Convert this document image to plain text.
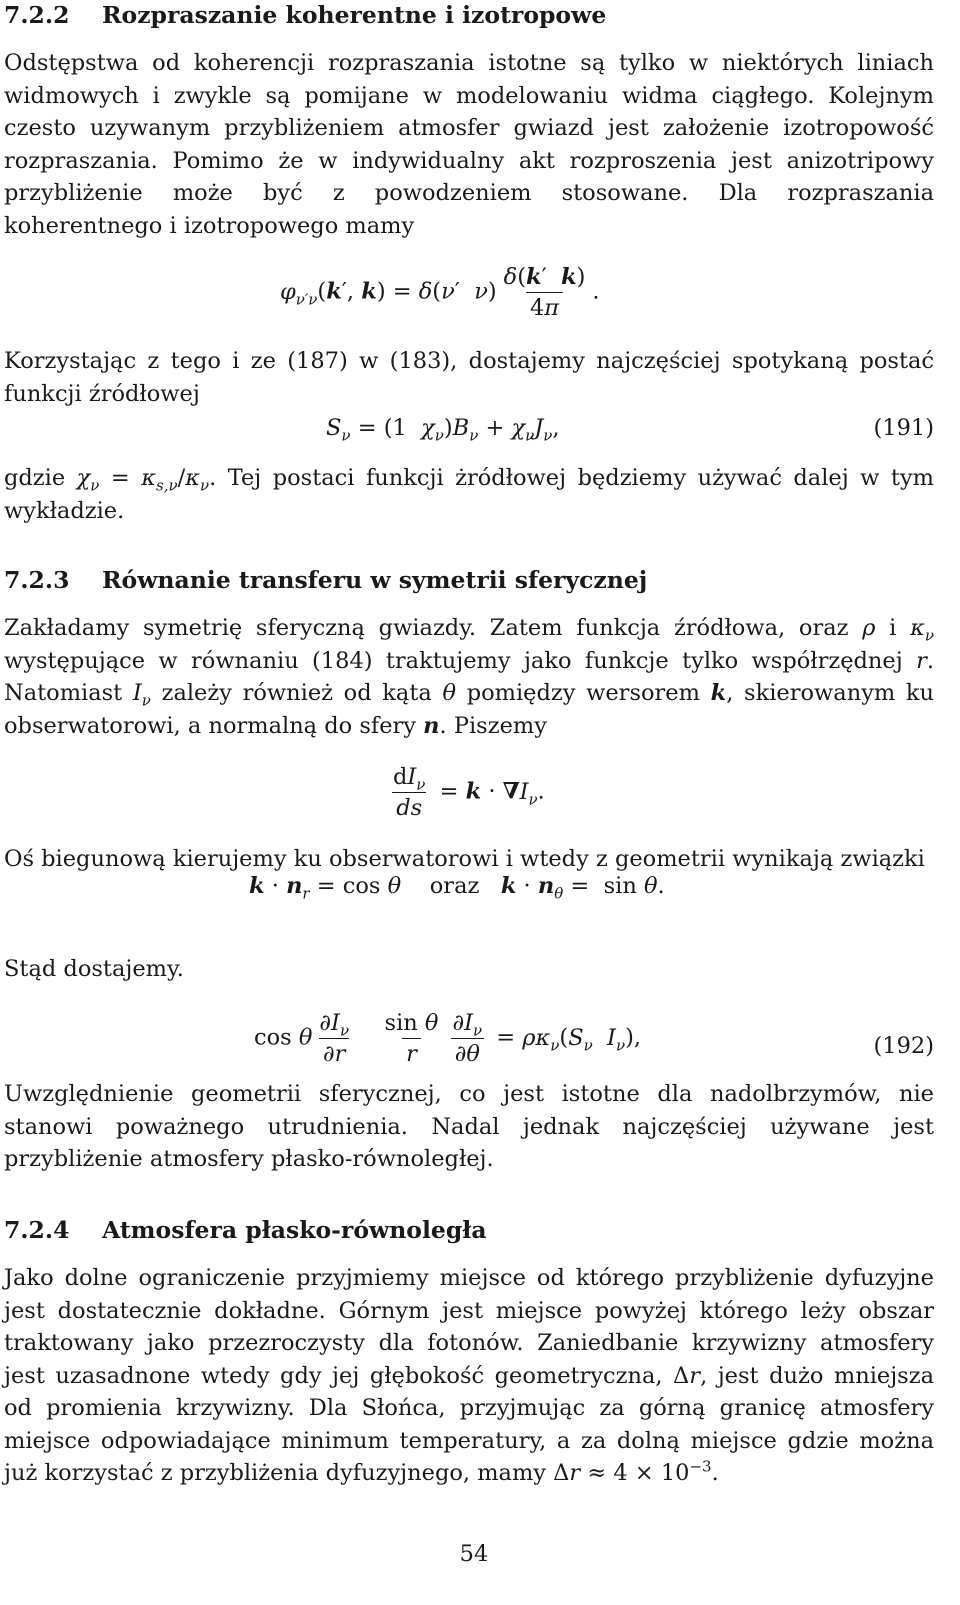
7.2.2 Rozpraszanie koherentne i izotropowe

Odstępstwa od koherencji rozpraszania istotne są tylko w niektórych liniach widmowych i zwykle są pomijane w modelowaniu widma ciągłego. Kolejnym czesto uzywanym przybliżeniem atmosfer gwiazd jest założenie izotropowość rozpraszania. Pomimo że w indywidualny akt rozproszenia jest anizotripowy przybliżenie może być z powodzeniem stosowane. Dla rozpraszania koherentnego i izotropowego mamy

$\varphi_{\nu'\nu}(k'$, k) = δ(ν′  $\nu) \frac{\delta(k' k)}{4\pi}$ .

Korzystając z tego i ze (187) w (183), dostajemy najczęściej spotykaną postać funkcji źródłowej

$S_\nu = (1$  $\chi_\nu)B_\nu + \chi_\nu J_\nu$,	(191)

gdzie $\chi_\nu = \kappa_{s,\nu}/\kappa_\nu$. Tej postaci funkcji żródłowej będziemy używać dalej w tym wykładzie.

7.2.3 Równanie transferu w symetrii sferycznej

Zakładamy symetrię sferyczną gwiazdy. Zatem funkcja źródłowa, oraz ρ i $\kappa_\nu$ występujące w równaniu (184) traktujemy jako funkcje tylko współrzędnej r. Natomiast $I_\nu$ zależy również od kąta θ pomiędzy wersorem k, skierowanym ku obserwatorowi, a normalną do sfery n. Piszemy

$\frac{dI_\nu}{ds} = k \cdot \nabla I_\nu$.

Oś biegunową kierujemy ku obserwatorowi i wtedy z geometrii wynikają związki

$k \cdot n_r = \cos \theta$ oraz $k \cdot n_\theta = \sin \theta$.

Stąd dostajemy.

cos θ $\frac{\partial I_\nu}{\partial r}$
$\frac{\text{sin θ}}{r} \frac{\partial I_\nu}{\partial\theta} = \rho\kappa_\nu(S_\nu$ $I_\nu$),	(192)

Uwzględnienie geometrii sferycznej, co jest istotne dla nadolbrzymów, nie stanowi poważnego utrudnienia. Nadal jednak najczęściej używane jest przybliżenie atmosfery płasko-równoległej.

7.2.4 Atmosfera płasko-równoległa

Jako dolne ograniczenie przyjmiemy miejsce od którego przybliżenie dyfuzyjne jest dostatecznie dokładne. Górnym jest miejsce powyżej którego leży obszar traktowany jako przezroczysty dla fotonów. Zaniedbanie krzywizny atmosfery jest uzasadnone wtedy gdy jej głębokość geometryczna, Δr, jest dużo mniejsza od promienia krzywizny. Dla Słońca, przyjmując za górną granicę atmosfery miejsce odpowiadające minimum temperatury, a za dolną miejsce gdzie można już korzystać z przybliżenia dyfuzyjnego, mamy $\Delta r \approx 4 \times 10^{-3}$.

54
